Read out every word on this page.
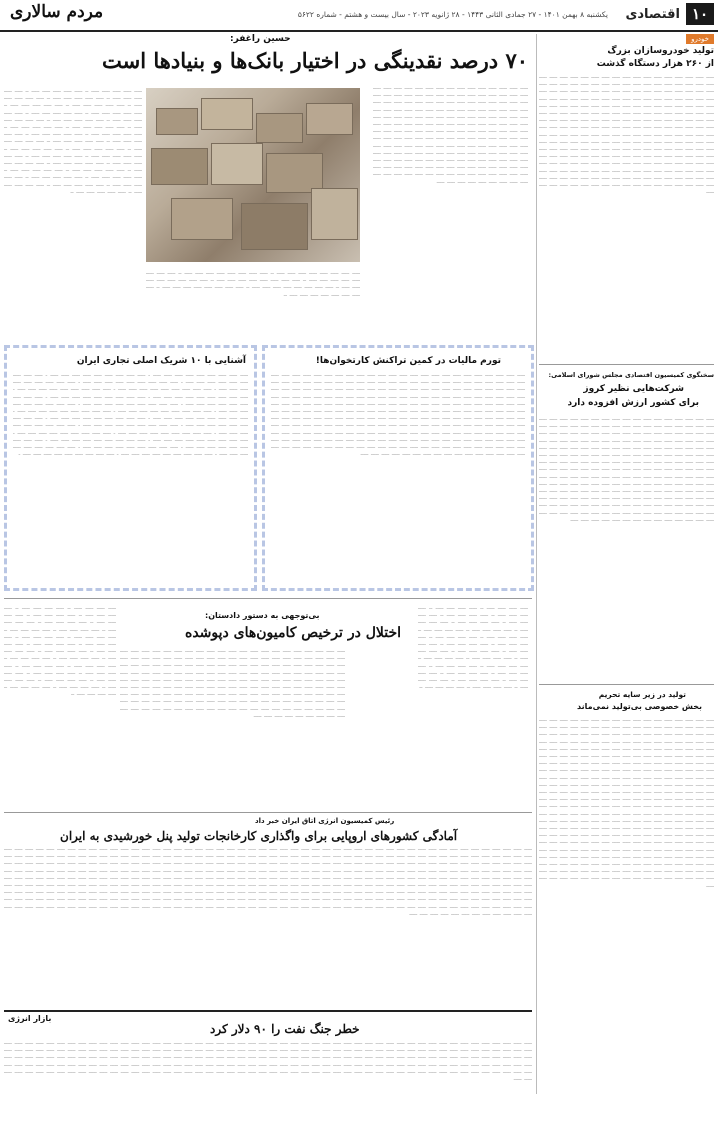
۱۰
اقتصادی
یکشنبه ۸ بهمن ۱۴۰۱ - ۲۷ جمادی الثانی ۱۴۴۳ - ۲۸ ژانویه ۲۰۲۳ - سال بیست و هشتم - شماره ۵۶۲۲
مردم سالاری
خودرو
تولید خودروسازان بزرگ
از ۲۶۰ هزار دستگاه گذشت
ـــــ ـــــ ـــــ ـــــ ـــــ ـــــ ـــــ ـــــ ـــــ ـــــ ـــــ ـــــ ـــــ ـــــ ـــــ ـــــ ـــــ ـــــ ـــــ ـــــ ـــــ ـــــ ـــــ ـــــ ـــــ ـــــ ـــــ ـــــ ـــــ ـــــ ـــــ ـــــ ـــــ ـــــ ـــــ ـــــ ـــــ ـــــ ـــــ ـــــ ـــــ ـــــ ـــــ ـــــ ـــــ ـــــ ـــــ ـــــ ـــــ ـــــ ـــــ ـــــ ـــــ ـــــ ـــــ ـــــ ـــــ ـــــ ـــــ ـــــ ـــــ ـــــ ـــــ ـــــ ـــــ ـــــ ـــــ ـــــ ـــــ ـــــ ـــــ ـــــ ـــــ ـــــ ـــــ ـــــ ـــــ ـــــ ـــــ ـــــ ـــــ ـــــ ـــــ ـــــ ـــــ ـــــ ـــــ ـــــ ـــــ ـــــ ـــــ ـــــ ـــــ ـــــ ـــــ ـــــ ـــــ ـــــ ـــــ ـــــ ـــــ ـــــ ـــــ ـــــ ـــــ ـــــ ـــــ ـــــ ـــــ ـــــ ـــــ ـــــ ـــــ ـــــ ـــــ ـــــ ـــــ ـــــ ـــــ ـــــ ـــــ ـــــ ـــــ ـــــ ـــــ ـــــ ـــــ ـــــ ـــــ ـــــ ـــــ ـــــ ـــــ ـــــ ـــــ ـــــ ـــــ ـــــ ـــــ ـــــ ـــــ ـــــ ـــــ ـــــ ـــــ ـــــ ـــــ ـــــ ـــــ ـــــ ـــــ ـــــ ـــــ ـــــ ـــــ ـــــ ـــــ ـــــ ـــــ ـــــ ـــــ ـــــ ـــــ ـــــ ـــــ ـــــ ـــــ ـــــ ـــــ ـــــ ـــــ ـــــ ـــــ ـــــ ـــــ ـــــ ـــــ ـــــ ـــــ ـــــ ـــــ ـــــ ـــــ ـــــ ـــــ ـــــ ـــــ ـــــ ـــــ ـــــ ـــــ ـــــ ـــــ ـــــ ـــــ ـــــ ـــــ ـــــ ـــــ ـــــ ـــــ ـــــ ـــــ ـــــ ـــــ ـــــ ـــــ ـــــ ـــــ ـــــ ـــــ ـــــ ـــــ ـــــ ـــــ ـــــ ـــــ ـــــ ـــــ ـــــ ـــــ ـــــ ـــــ ـــــ ـــــ ـــــ ـــــ ـــــ ـــــ ـــــ ـــــ ـــــ ـــــ ـــــ ـــــ ـــــ ـــــ ـــــ ـــــ ـــــ ـــــ ـــــ ـــــ ـــــ ـــــ ـــــ ـــــ ـــــ ـــــ ـــــ ـــــ ـــــ ـــــ ـــــ ـــــ ـــــ ـــــ ـــــ ـــــ ـــــ ـــــ ـــــ ـــــ ـــــ ـــــ ـــــ ـــــ ـــــ ـــــ ـــــ ـــــ ـــــ ـــــ
سخنگوی کمیسیون اقتصادی مجلس شورای اسلامی:
شرکت‌هایی نظیر کروز
برای کشور ارزش افزوده دارد
ـــــ ـــــ ـــــ ـــــ ـــــ ـــــ ـــــ ـــــ ـــــ ـــــ ـــــ ـــــ ـــــ ـــــ ـــــ ـــــ ـــــ ـــــ ـــــ ـــــ ـــــ ـــــ ـــــ ـــــ ـــــ ـــــ ـــــ ـــــ ـــــ ـــــ ـــــ ـــــ ـــــ ـــــ ـــــ ـــــ ـــــ ـــــ ـــــ ـــــ ـــــ ـــــ ـــــ ـــــ ـــــ ـــــ ـــــ ـــــ ـــــ ـــــ ـــــ ـــــ ـــــ ـــــ ـــــ ـــــ ـــــ ـــــ ـــــ ـــــ ـــــ ـــــ ـــــ ـــــ ـــــ ـــــ ـــــ ـــــ ـــــ ـــــ ـــــ ـــــ ـــــ ـــــ ـــــ ـــــ ـــــ ـــــ ـــــ ـــــ ـــــ ـــــ ـــــ ـــــ ـــــ ـــــ ـــــ ـــــ ـــــ ـــــ ـــــ ـــــ ـــــ ـــــ ـــــ ـــــ ـــــ ـــــ ـــــ ـــــ ـــــ ـــــ ـــــ ـــــ ـــــ ـــــ ـــــ ـــــ ـــــ ـــــ ـــــ ـــــ ـــــ ـــــ ـــــ ـــــ ـــــ ـــــ ـــــ ـــــ ـــــ ـــــ ـــــ ـــــ ـــــ ـــــ ـــــ ـــــ ـــــ ـــــ ـــــ ـــــ ـــــ ـــــ ـــــ ـــــ ـــــ ـــــ ـــــ ـــــ ـــــ ـــــ ـــــ ـــــ ـــــ ـــــ ـــــ ـــــ ـــــ ـــــ ـــــ ـــــ ـــــ ـــــ ـــــ ـــــ ـــــ ـــــ ـــــ ـــــ ـــــ ـــــ ـــــ ـــــ ـــــ ـــــ ـــــ ـــــ ـــــ ـــــ ـــــ ـــــ ـــــ ـــــ ـــــ ـــــ ـــــ ـــــ ـــــ ـــــ ـــــ ـــــ ـــــ ـــــ ـــــ ـــــ ـــــ ـــــ ـــــ ـــــ ـــــ ـــــ ـــــ ـــــ ـــــ ـــــ ـــــ ـــــ ـــــ ـــــ ـــــ ـــــ ـــــ ـــــ ـــــ ـــــ ـــــ ـــــ ـــــ ـــــ ـــــ ـــــ ـــــ ـــــ ـــــ ـــــ ـــــ ـــــ ـــــ ـــــ ـــــ ـــــ ـــــ ـــــ ـــــ ـــــ ـــــ ـــــ ـــــ ـــــ ـــــ ـــــ ـــــ ـــــ ـــــ ـــــ ـــــ ـــــ ـــــ ـــــ ـــــ ـــــ ـــــ ـــــ ـــــ ـــــ ـــــ ـــــ ـــــ ـــــ ـــــ ـــــ
تولید در زیر سایه تحریم
بخش خصوصی بی‌تولید نمی‌ماند
ـــــ ـــــ ـــــ ـــــ ـــــ ـــــ ـــــ ـــــ ـــــ ـــــ ـــــ ـــــ ـــــ ـــــ ـــــ ـــــ ـــــ ـــــ ـــــ ـــــ ـــــ ـــــ ـــــ ـــــ ـــــ ـــــ ـــــ ـــــ ـــــ ـــــ ـــــ ـــــ ـــــ ـــــ ـــــ ـــــ ـــــ ـــــ ـــــ ـــــ ـــــ ـــــ ـــــ ـــــ ـــــ ـــــ ـــــ ـــــ ـــــ ـــــ ـــــ ـــــ ـــــ ـــــ ـــــ ـــــ ـــــ ـــــ ـــــ ـــــ ـــــ ـــــ ـــــ ـــــ ـــــ ـــــ ـــــ ـــــ ـــــ ـــــ ـــــ ـــــ ـــــ ـــــ ـــــ ـــــ ـــــ ـــــ ـــــ ـــــ ـــــ ـــــ ـــــ ـــــ ـــــ ـــــ ـــــ ـــــ ـــــ ـــــ ـــــ ـــــ ـــــ ـــــ ـــــ ـــــ ـــــ ـــــ ـــــ ـــــ ـــــ ـــــ ـــــ ـــــ ـــــ ـــــ ـــــ ـــــ ـــــ ـــــ ـــــ ـــــ ـــــ ـــــ ـــــ ـــــ ـــــ ـــــ ـــــ ـــــ ـــــ ـــــ ـــــ ـــــ ـــــ ـــــ ـــــ ـــــ ـــــ ـــــ ـــــ ـــــ ـــــ ـــــ ـــــ ـــــ ـــــ ـــــ ـــــ ـــــ ـــــ ـــــ ـــــ ـــــ ـــــ ـــــ ـــــ ـــــ ـــــ ـــــ ـــــ ـــــ ـــــ ـــــ ـــــ ـــــ ـــــ ـــــ ـــــ ـــــ ـــــ ـــــ ـــــ ـــــ ـــــ ـــــ ـــــ ـــــ ـــــ ـــــ ـــــ ـــــ ـــــ ـــــ ـــــ ـــــ ـــــ ـــــ ـــــ ـــــ ـــــ ـــــ ـــــ ـــــ ـــــ ـــــ ـــــ ـــــ ـــــ ـــــ ـــــ ـــــ ـــــ ـــــ ـــــ ـــــ ـــــ ـــــ ـــــ ـــــ ـــــ ـــــ ـــــ ـــــ ـــــ ـــــ ـــــ ـــــ ـــــ ـــــ ـــــ ـــــ ـــــ ـــــ ـــــ ـــــ ـــــ ـــــ ـــــ ـــــ ـــــ ـــــ ـــــ ـــــ ـــــ ـــــ ـــــ ـــــ ـــــ ـــــ ـــــ ـــــ ـــــ ـــــ ـــــ ـــــ ـــــ ـــــ ـــــ ـــــ ـــــ ـــــ ـــــ ـــــ ـــــ ـــــ ـــــ ـــــ ـــــ ـــــ ـــــ ـــــ ـــــ ـــــ ـــــ ـــــ ـــــ ـــــ ـــــ ـــــ ـــــ ـــــ ـــــ ـــــ ـــــ ـــــ ـــــ ـــــ ـــــ ـــــ ـــــ ـــــ ـــــ ـــــ ـــــ ـــــ ـــــ ـــــ ـــــ ـــــ ـــــ ـــــ ـــــ ـــــ ـــــ ـــــ ـــــ ـــــ ـــــ ـــــ ـــــ ـــــ ـــــ ـــــ ـــــ ـــــ ـــــ ـــــ ـــــ ـــــ ـــــ ـــــ ـــــ ـــــ ـــــ ـــــ ـــــ ـــــ ـــــ ـــــ ـــــ ـــــ ـــــ ـــــ ـــــ ـــــ ـــــ ـــــ ـــــ ـــــ ـــــ ـــــ ـــــ ـــــ ـــــ ـــــ ـــــ ـــــ ـــــ ـــــ ـــــ ـــــ ـــــ ـــــ ـــــ ـــــ ـــــ ـــــ ـــــ ـــــ ـــــ ـــــ ـــــ ـــــ ـــــ ـــــ ـــــ ـــــ ـــــ ـــــ ـــــ ـــــ ـــــ ـــــ ـــــ ـــــ ـــــ ـــــ ـــــ ـــــ ـــــ ـــــ ـــــ ـــــ ـــــ ـــــ ـــــ ـــــ ـــــ ـــــ ـــــ ـــــ ـــــ ـــــ ـــــ ـــــ ـــــ ـــــ ـــــ ـــــ ـــــ ـــــ ـــــ ـــــ ـــــ ـــــ ـــــ ـــــ ـــــ ـــــ ـــــ ـــــ
حسین راغفر:
۷۰ درصد نقدینگی در اختیار بانک‌ها و بنیادها است
ـــــ ـــــ ـــــ ـــــ ـــــ ـــــ ـــــ ـــــ ـــــ ـــــ ـــــ ـــــ ـــــ ـــــ ـــــ ـــــ ـــــ ـــــ ـــــ ـــــ ـــــ ـــــ ـــــ ـــــ ـــــ ـــــ ـــــ ـــــ ـــــ ـــــ ـــــ ـــــ ـــــ ـــــ ـــــ ـــــ ـــــ ـــــ ـــــ ـــــ ـــــ ـــــ ـــــ ـــــ ـــــ ـــــ ـــــ ـــــ ـــــ ـــــ ـــــ ـــــ ـــــ ـــــ ـــــ ـــــ ـــــ ـــــ ـــــ ـــــ ـــــ ـــــ ـــــ ـــــ ـــــ ـــــ ـــــ ـــــ ـــــ ـــــ ـــــ ـــــ ـــــ ـــــ ـــــ ـــــ ـــــ ـــــ ـــــ ـــــ ـــــ ـــــ ـــــ ـــــ ـــــ ـــــ ـــــ ـــــ ـــــ ـــــ ـــــ ـــــ ـــــ ـــــ ـــــ ـــــ ـــــ ـــــ ـــــ ـــــ ـــــ ـــــ ـــــ ـــــ ـــــ ـــــ ـــــ ـــــ ـــــ ـــــ ـــــ ـــــ ـــــ ـــــ ـــــ ـــــ ـــــ ـــــ ـــــ ـــــ ـــــ ـــــ ـــــ ـــــ ـــــ ـــــ ـــــ ـــــ ـــــ ـــــ ـــــ ـــــ ـــــ ـــــ ـــــ ـــــ ـــــ ـــــ ـــــ ـــــ ـــــ ـــــ ـــــ ـــــ ـــــ ـــــ ـــــ ـــــ ـــــ ـــــ ـــــ ـــــ ـــــ ـــــ ـــــ ـــــ ـــــ ـــــ ـــــ ـــــ ـــــ ـــــ ـــــ ـــــ ـــــ ـــــ ـــــ ـــــ ـــــ ـــــ ـــــ ـــــ ـــــ ـــــ ـــــ ـــــ ـــــ ـــــ ـــــ ـــــ ـــــ ـــــ ـــــ ـــــ ـــــ ـــــ ـــــ ـــــ ـــــ ـــــ ـــــ ـــــ ـــــ ـــــ ـــــ ـــــ ـــــ ـــــ ـــــ ـــــ ـــــ ـــــ ـــــ ـــــ
ـــــ ـــــ ـــــ ـــــ ـــــ ــ ـــــ ـــــ ـــــ ـــــ ـــــ ــ ـــــ ـــــ ـــــ ـــــ ـــــ ــ ـــــ ـــــ ـــــ ـــــ ـــــ ــ ـــــ ـــــ ـــــ ـــــ ـــــ ــ ـــــ ـــــ ـــــ ـــــ ـــــ ــ ـــــ ـــــ ـــــ ـــــ ـــــ ــ ـــــ ـــــ ـــــ ـــــ ـــــ ــ ـــــ ـــــ ـــــ ـــــ ـــــ ــ ـــــ ـــــ ـــــ ـــــ ـــــ ــ ـــــ ـــــ ـــــ ـــــ ـــــ ــ ـــــ ـــــ ـــــ ـــــ ـــــ ــ ـــــ ـــــ ـــــ ـــــ ـــــ ــ ـــــ ـــــ ـــــ ـــــ ـــــ ــ ـــــ ـــــ ـــــ ـــــ ـــــ ــ ـــــ ـــــ ـــــ ـــــ ـــــ ــ ـــــ ـــــ ـــــ ـــــ ـــــ ــ ـــــ ـــــ ـــــ ـــــ ـــــ ــ ـــــ ـــــ ـــــ ـــــ ـــــ ــ ـــــ ـــــ ـــــ ـــــ ـــــ ــ ـــــ ـــــ ـــــ ـــــ ـــــ ــ ـــــ ـــــ ـــــ ـــــ ـــــ ــ ـــــ ـــــ ـــــ ـــــ ـــــ ــ ـــــ ـــــ ـــــ ـــــ ـــــ ــ ـــــ ـــــ ـــــ ـــــ ـــــ ــ ـــــ ـــــ ـــــ ـــــ ـــــ ــ ـــــ ـــــ ـــــ ـــــ ـــــ ــ ـــــ ـــــ ـــــ ـــــ ـــــ ــ ـــــ ـــــ ـــــ ـــــ ـــــ ــ ـــــ ـــــ ـــــ ـــــ ـــــ ــ ـــــ ـــــ ـــــ ـــــ ـــــ ــ ـــــ ـــــ ـــــ ـــــ ـــــ ــ ـــــ ـــــ ـــــ ـــــ ـــــ ــ ـــــ ـــــ ـــــ ـــــ ـــــ ــ
ـــــ ـــــ ـــــ ـــــ ـــــ ـــــ ـــــ ـــــ ــ ـــــ ـــــ ـــــ ـــــ ـــــ ـــــ ـــــ ـــــ ــ ـــــ ـــــ ـــــ ـــــ ـــــ ـــــ ـــــ ـــــ ــ ـــــ ـــــ ـــــ ـــــ ـــــ ـــــ ـــــ ـــــ ــ ـــــ ـــــ ـــــ ـــــ ـــــ ـــــ ـــــ ـــــ ــ ـــــ ـــــ ـــــ ـــــ ـــــ ـــــ ـــــ ـــــ ــ ـــــ ـــــ ـــــ ـــــ ـــــ ـــــ ـــــ ـــــ ــ ـــــ ـــــ ـــــ ـــــ ـــــ ـــــ ـــــ ـــــ ــ
آشنایی با ۱۰ شریک اصلی تجاری ایران
ـــــ ـــــ ـــــ ـــــ ـــــ ـــــ ـــــ ـــــ ـــــ ـ ـــــ ـــــ ـــــ ـــــ ـــــ ـــــ ـــــ ـــــ ـــــ ـ ـــــ ـــــ ـــــ ـــــ ـــــ ـــــ ـــــ ـــــ ـــــ ـ ـــــ ـــــ ـــــ ـــــ ـــــ ـــــ ـــــ ـــــ ـــــ ـ ـــــ ـــــ ـــــ ـــــ ـــــ ـــــ ـــــ ـــــ ـــــ ـ ـــــ ـــــ ـــــ ـــــ ـــــ ـــــ ـــــ ـــــ ـــــ ـ ـــــ ـــــ ـــــ ـــــ ـــــ ـــــ ـــــ ـــــ ـــــ ـ ـــــ ـــــ ـــــ ـــــ ـــــ ـــــ ـــــ ـــــ ـــــ ـ ـــــ ـــــ ـــــ ـــــ ـــــ ـــــ ـــــ ـــــ ـــــ ـ ـــــ ـــــ ـــــ ـــــ ـــــ ـــــ ـــــ ـــــ ـــــ ـ ـــــ ـــــ ـــــ ـــــ ـــــ ـــــ ـــــ ـــــ ـــــ ـ ـــــ ـــــ ـــــ ـــــ ـــــ ـــــ ـــــ ـــــ ـــــ ـ ـــــ ـــــ ـــــ ـــــ ـــــ ـــــ ـــــ ـــــ ـــــ ـ ـــــ ـــــ ـــــ ـــــ ـــــ ـــــ ـــــ ـــــ ـــــ ـ ـــــ ـــــ ـــــ ـــــ ـــــ ـــــ ـــــ ـــــ ـــــ ـ ـــــ ـــــ ـــــ ـــــ ـــــ ـــــ ـــــ ـــــ ـــــ ـ ـــــ ـــــ ـــــ ـــــ ـــــ ـــــ ـــــ ـــــ ـــــ ـ ـــــ ـــــ ـــــ ـــــ ـــــ ـــــ ـــــ ـــــ ـــــ ـ ـــــ ـــــ ـــــ ـــــ ـــــ ـــــ ـــــ ـــــ ـــــ ـ ـــــ ـــــ ـــــ ـــــ ـــــ ـــــ ـــــ ـــــ ـــــ ـ ـــــ ـــــ ـــــ ـــــ ـــــ ـــــ ـــــ ـــــ ـــــ ـ ـــــ ـــــ ـــــ ـــــ ـــــ ـــــ ـــــ ـــــ ـــــ ـ ـــــ ـــــ ـــــ ـــــ ـــــ ـــــ ـــــ ـــــ ـــــ ـ ـــــ ـــــ ـــــ ـــــ ـــــ ـــــ ـــــ ـــــ ـــــ ـ ـــــ ـــــ ـــــ ـــــ ـــــ ـــــ ـــــ ـــــ ـــــ ـ ـــــ ـــــ ـــــ ـــــ ـــــ ـــــ ـــــ ـــــ ـــــ ـ ـــــ ـــــ ـــــ ـــــ ـــــ ـــــ ـــــ ـــــ ـــــ ـ ـــــ ـــــ ـــــ ـــــ ـــــ ـــــ ـــــ ـــــ ـــــ ـ
تورم مالیات در کمین تراکنش کارتخوان‌ها!
ـــــ ـــــ ـــــ ـــــ ـــــ ـــــ ـــــ ـــــ ـــــ ـــــ ـــــ ـــــ ـــــ ـــــ ـــــ ـــــ ـــــ ـــــ ـــــ ـــــ ـــــ ـــــ ـــــ ـــــ ـــــ ـــــ ـــــ ـــــ ـــــ ـــــ ـــــ ـــــ ـــــ ـــــ ـــــ ـــــ ـــــ ـــــ ـــــ ـــــ ـــــ ـــــ ـــــ ـــــ ـــــ ـــــ ـــــ ـــــ ـــــ ـــــ ـــــ ـــــ ـــــ ـــــ ـــــ ـــــ ـــــ ـــــ ـــــ ـــــ ـــــ ـــــ ـــــ ـــــ ـــــ ـــــ ـــــ ـــــ ـــــ ـــــ ـــــ ـــــ ـــــ ـــــ ـــــ ـــــ ـــــ ـــــ ـــــ ـــــ ـــــ ـــــ ـــــ ـــــ ـــــ ـــــ ـــــ ـــــ ـــــ ـــــ ـــــ ـــــ ـــــ ـــــ ـــــ ـــــ ـــــ ـــــ ـــــ ـــــ ـــــ ـــــ ـــــ ـــــ ـــــ ـــــ ـــــ ـــــ ـــــ ـــــ ـــــ ـــــ ـــــ ـــــ ـــــ ـــــ ـــــ ـــــ ـــــ ـــــ ـــــ ـــــ ـــــ ـــــ ـــــ ـــــ ـــــ ـــــ ـــــ ـــــ ـــــ ـــــ ـــــ ـــــ ـــــ ـــــ ـــــ ـــــ ـــــ ـــــ ـــــ ـــــ ـــــ ـــــ ـــــ ـــــ ـــــ ـــــ ـــــ ـــــ ـــــ ـــــ ـــــ ـــــ ـــــ ـــــ ـــــ ـــــ ـــــ ـــــ ـــــ ـــــ ـــــ ـــــ ـــــ ـــــ ـــــ ـــــ ـــــ ـــــ ـــــ ـــــ ـــــ ـــــ ـــــ ـــــ ـــــ ـــــ ـــــ ـــــ ـــــ ـــــ ـــــ ـــــ ـــــ ـــــ ـــــ ـــــ ـــــ ـــــ ـــــ ـــــ ـــــ ـــــ ـــــ ـــــ ـــــ ـــــ ـــــ ـــــ ـــــ ـــــ ـــــ ـــــ ـــــ ـــــ ـــــ ـــــ ـــــ ـــــ ـــــ ـــــ ـــــ ـــــ ـــــ ـــــ ـــــ ـــــ ـــــ ـــــ ـــــ ـــــ ـــــ ـــــ ـــــ ـــــ ـــــ ـــــ ـــــ ـــــ ـــــ ـــــ ـــــ ـــــ ـــــ ـــــ ـــــ ـــــ ـــــ ـــــ ـــــ ـــــ ـــــ ـــــ ـــــ ـــــ ـــــ ـــــ ـــــ ـــــ ـــــ ـــــ ـــــ ـــــ ـــــ ـــــ ـــــ ـــــ ـــــ ـــــ ـــــ ـــــ ـــــ ـــــ ـــــ ـــــ ـــــ ـــــ ـــــ ـــــ ـــــ ـــــ ـــــ ـــــ ـــــ ـــــ ـــــ ـــــ ـــــ ـــــ
ـــــ ـــــ ـــــ ـــــ ــ ـــــ ـــــ ـــــ ـــــ ــ ـــــ ـــــ ـــــ ـــــ ــ ـــــ ـــــ ـــــ ـــــ ــ ـــــ ـــــ ـــــ ـــــ ــ ـــــ ـــــ ـــــ ـــــ ــ ـــــ ـــــ ـــــ ـــــ ــ ـــــ ـــــ ـــــ ـــــ ــ ـــــ ـــــ ـــــ ـــــ ــ ـــــ ـــــ ـــــ ـــــ ــ ـــــ ـــــ ـــــ ـــــ ــ ـــــ ـــــ ـــــ ـــــ ــ ـــــ ـــــ ـــــ ـــــ ــ ـــــ ـــــ ـــــ ـــــ ــ ـــــ ـــــ ـــــ ـــــ ــ ـــــ ـــــ ـــــ ـــــ ــ ـــــ ـــــ ـــــ ـــــ ــ ـــــ ـــــ ـــــ ـــــ ــ ـــــ ـــــ ـــــ ـــــ ــ ـــــ ـــــ ـــــ ـــــ ــ ـــــ ـــــ ـــــ ـــــ ــ ـــــ ـــــ ـــــ ـــــ ــ ـــــ ـــــ ـــــ ـــــ ــ ـــــ ـــــ ـــــ ـــــ ــ ـــــ ـــــ ـــــ ـــــ ــ ـــــ ـــــ ـــــ ـــــ ــ ـــــ ـــــ ـــــ ـــــ ــ
بی‌توجهی به دستور دادستان:
اختلال در ترخیص کامیون‌های دپوشده
ـــــ ـــــ ـــــ ـــــ ـــــ ـــــ ـــــ ـــــ ـــــ ـــــ ـــــ ـــــ ـــــ ـــــ ـــــ ـــــ ـــــ ـــــ ـــــ ـــــ ـــــ ـــــ ـــــ ـــــ ـــــ ـــــ ـــــ ـــــ ـــــ ـــــ ـــــ ـــــ ـــــ ـــــ ـــــ ـــــ ـــــ ـــــ ـــــ ـــــ ـــــ ـــــ ـــــ ـــــ ـــــ ـــــ ـــــ ـــــ ـــــ ـــــ ـــــ ـــــ ـــــ ـــــ ـــــ ـــــ ـــــ ـــــ ـــــ ـــــ ـــــ ـــــ ـــــ ـــــ ـــــ ـــــ ـــــ ـــــ ـــــ ـــــ ـــــ ـــــ ـــــ ـــــ ـــــ ـــــ ـــــ ـــــ ـــــ ـــــ ـــــ ـــــ ـــــ ـــــ ـــــ ـــــ ـــــ ـــــ ـــــ ـــــ ـــــ ـــــ ـــــ ـــــ ـــــ ـــــ ـــــ ـــــ ـــــ ـــــ ـــــ ـــــ ـــــ ـــــ ـــــ ـــــ ـــــ ـــــ ـــــ ـــــ ـــــ ـــــ ـــــ ـــــ ـــــ ـــــ ـــــ ـــــ ـــــ ـــــ ـــــ ـــــ ـــــ ـــــ ـــــ ـــــ ـــــ ـــــ ـــــ ـــــ ـــــ ـــــ ـــــ ـــــ ـــــ ـــــ ـــــ ـــــ ـــــ ـــــ ـــــ ـــــ ـــــ ـــــ ـــــ ـــــ ـــــ ـــــ ـــــ ـــــ ـــــ ـــــ ـــــ ـــــ ـــــ ـــــ ـــــ ـــــ ـــــ ـــــ ـــــ ـــــ ـــــ ـــــ ـــــ ـــــ ـــــ ـــــ ـــــ ـــــ ـــــ ـــــ ـــــ ـــــ ـــــ ـــــ ـــــ ـــــ ـــــ ـــــ ـــــ ـــــ ـــــ ـــــ ـــــ ـــــ ـــــ ـــــ ـــــ ـــــ ـــــ ـــــ ـــــ ـــــ ـــــ ـــــ ـــــ ـــــ
ـــــ ـــــ ـــــ ـــــ ــ ـــــ ـــــ ـــــ ـــــ ــ ـــــ ـــــ ـــــ ـــــ ــ ـــــ ـــــ ـــــ ـــــ ــ ـــــ ـــــ ـــــ ـــــ ــ ـــــ ـــــ ـــــ ـــــ ــ ـــــ ـــــ ـــــ ـــــ ــ ـــــ ـــــ ـــــ ـــــ ــ ـــــ ـــــ ـــــ ـــــ ــ ـــــ ـــــ ـــــ ـــــ ــ ـــــ ـــــ ـــــ ـــــ ــ ـــــ ـــــ ـــــ ـــــ ــ ـــــ ـــــ ـــــ ـــــ ــ ـــــ ـــــ ـــــ ـــــ ــ ـــــ ـــــ ـــــ ـــــ ــ ـــــ ـــــ ـــــ ـــــ ــ ـــــ ـــــ ـــــ ـــــ ــ ـــــ ـــــ ـــــ ـــــ ــ ـــــ ـــــ ـــــ ـــــ ــ ـــــ ـــــ ـــــ ـــــ ــ ـــــ ـــــ ـــــ ـــــ ــ ـــــ ـــــ ـــــ ـــــ ــ ـــــ ـــــ ـــــ ـــــ ــ ـــــ ـــــ ـــــ ـــــ ــ ـــــ ـــــ ـــــ ـــــ ــ ـــــ ـــــ ـــــ ـــــ ــ ـــــ ـــــ ـــــ ـــــ ــ ـــــ ـــــ ـــــ ـــــ ــ
رئیس کمیسیون انرژی اتاق ایران خبر داد
آمادگی کشورهای اروپایی برای واگذاری کارخانجات تولید پنل خورشیدی به ایران
ـــــ ـــــ ـــــ ـــــ ـــــ ـــــ ـــــ ـــــ ـــــ ـــــ ـــــ ـــــ ـــــ ـــــ ـــــ ـــــ ـــــ ـــــ ـــــ ـــــ ـــــ ـــــ ـــــ ـــــ ـــــ ـــــ ـــــ ـــــ ـــــ ـــــ ـــــ ـــــ ـــــ ـــــ ـــــ ـــــ ـــــ ـــــ ـــــ ـــــ ـــــ ـــــ ـــــ ـــــ ـــــ ـــــ ـــــ ـــــ ـــــ ـــــ ـــــ ـــــ ـــــ ـــــ ـــــ ـــــ ـــــ ـــــ ـــــ ـــــ ـــــ ـــــ ـــــ ـــــ ـــــ ـــــ ـــــ ـــــ ـــــ ـــــ ـــــ ـــــ ـــــ ـــــ ـــــ ـــــ ـــــ ـــــ ـــــ ـــــ ـــــ ـــــ ـــــ ـــــ ـــــ ـــــ ـــــ ـــــ ـــــ ـــــ ـــــ ـــــ ـــــ ـــــ ـــــ ـــــ ـــــ ـــــ ـــــ ـــــ ـــــ ـــــ ـــــ ـــــ ـــــ ـــــ ـــــ ـــــ ـــــ ـــــ ـــــ ـــــ ـــــ ـــــ ـــــ ـــــ ـــــ ـــــ ـــــ ـــــ ـــــ ـــــ ـــــ ـــــ ـــــ ـــــ ـــــ ـــــ ـــــ ـــــ ـــــ ـــــ ـــــ ـــــ ـــــ ـــــ ـــــ ـــــ ـــــ ـــــ ـــــ ـــــ ـــــ ـــــ ـــــ ـــــ ـــــ ـــــ ـــــ ـــــ ـــــ ـــــ ـــــ ـــــ ـــــ ـــــ ـــــ ـــــ ـــــ ـــــ ـــــ ـــــ ـــــ ـــــ ـــــ ـــــ ـــــ ـــــ ـــــ ـــــ ـــــ ـــــ ـــــ ـــــ ـــــ ـــــ ـــــ ـــــ ـــــ ـــــ ـــــ ـــــ ـــــ ـــــ ـــــ ـــــ ـــــ ـــــ ـــــ ـــــ ـــــ ـــــ ـــــ ـــــ ـــــ ـــــ ـــــ ـــــ ـــــ ـــــ ـــــ ـــــ ـــــ ـــــ ـــــ ـــــ ـــــ ـــــ ـــــ ـــــ ـــــ ـــــ ـــــ ـــــ ـــــ ـــــ ـــــ ـــــ ـــــ ـــــ ـــــ ـــــ ـــــ ـــــ ـــــ ـــــ ـــــ ـــــ ـــــ ـــــ ـــــ ـــــ ـــــ ـــــ ـــــ ـــــ ـــــ ـــــ ـــــ ـــــ ـــــ ـــــ ـــــ ـــــ ـــــ ـــــ ـــــ ـــــ ـــــ ـــــ ـــــ ـــــ ـــــ ـــــ ـــــ ـــــ ـــــ ـــــ ـــــ ـــــ ـــــ ـــــ ـــــ ـــــ ـــــ ـــــ ـــــ ـــــ ـــــ ـــــ ـــــ ـــــ ـــــ ـــــ ـــــ ـــــ ـــــ ـــــ ـــــ ـــــ ـــــ ـــــ ـــــ ـــــ ـــــ ـــــ ـــــ ـــــ ـــــ ـــــ ـــــ ـــــ ـــــ ـــــ ـــــ ـــــ ـــــ ـــــ ـــــ ـــــ ـــــ ـــــ ـــــ ـــــ ـــــ ـــــ ـــــ ـــــ ـــــ ـــــ ـــــ ـــــ ـــــ ـــــ ـــــ ـــــ ـــــ ـــــ ـــــ ـــــ ـــــ ـــــ ـــــ ـــــ ـــــ ـــــ ـــــ ـــــ ـــــ ـــــ ـــــ ـــــ ـــــ ـــــ ـــــ ـــــ ـــــ ـــــ ـــــ ـــــ ـــــ ـــــ ـــــ ـــــ ـــــ ـــــ ـــــ ـــــ ـــــ ـــــ ـــــ ـــــ ـــــ ـــــ ـــــ ـــــ ـــــ ـــــ ـــــ ـــــ ـــــ ـــــ ـــــ ـــــ ـــــ ـــــ ـــــ ـــــ ـــــ ـــــ ـــــ ـــــ ـــــ ـــــ ـــــ ـــــ ـــــ ـــــ ـــــ ـــــ ـــــ ـــــ ـــــ ـــــ ـــــ ـــــ ـــــ ـــــ ـــــ ـــــ ـــــ ـــــ ـــــ ـــــ ـــــ ـــــ ـــــ ـــــ ـــــ ـــــ ـــــ ـــــ ـــــ ـــــ ـــــ ـــــ ـــــ ـــــ ـــــ ـــــ ـــــ ـــــ ـــــ ـــــ ـــــ ـــــ ـــــ ـــــ ـــــ ـــــ ـــــ ـــــ ـــــ ـــــ ـــــ ـــــ ـــــ ـــــ ـــــ ـــــ ـــــ ـــــ ـــــ ـــــ ـــــ ـــــ ـــــ ـــــ ـــــ ـــــ ـــــ ـــــ ـــــ ـــــ ـــــ ـــــ ـــــ ـــــ ـــــ ـــــ ـــــ ـــــ ـــــ ـــــ ـــــ ـــــ ـــــ ـــــ ـــــ ـــــ ـــــ ـــــ
بازار انرژی
خطر جنگ نفت را ۹۰ دلار کرد
ـــــ ـــــ ـــــ ـــــ ـــــ ـــــ ـــــ ـــــ ـــــ ـــــ ـــــ ـــــ ـــــ ـــــ ـــــ ـــــ ـــــ ـــــ ـــــ ـــــ ـــــ ـــــ ـــــ ـــــ ـــــ ـــــ ـــــ ـــــ ـــــ ـــــ ـــــ ـــــ ـــــ ـــــ ـــــ ـــــ ـــــ ـــــ ـــــ ـــــ ـــــ ـــــ ـــــ ـــــ ـــــ ـــــ ـــــ ـــــ ـــــ ـــــ ـــــ ـــــ ـــــ ـــــ ـــــ ـــــ ـــــ ـــــ ـــــ ـــــ ـــــ ـــــ ـــــ ـــــ ـــــ ـــــ ـــــ ـــــ ـــــ ـــــ ـــــ ـــــ ـــــ ـــــ ـــــ ـــــ ـــــ ـــــ ـــــ ـــــ ـــــ ـــــ ـــــ ـــــ ـــــ ـــــ ـــــ ـــــ ـــــ ـــــ ـــــ ـــــ ـــــ ـــــ ـــــ ـــــ ـــــ ـــــ ـــــ ـــــ ـــــ ـــــ ـــــ ـــــ ـــــ ـــــ ـــــ ـــــ ـــــ ـــــ ـــــ ـــــ ـــــ ـــــ ـــــ ـــــ ـــــ ـــــ ـــــ ـــــ ـــــ ـــــ ـــــ ـــــ ـــــ ـــــ ـــــ ـــــ ـــــ ـــــ ـــــ ـــــ ـــــ ـــــ ـــــ ـــــ ـــــ ـــــ ـــــ ـــــ ـــــ ـــــ ـــــ ـــــ ـــــ ـــــ ـــــ ـــــ ـــــ ـــــ ـــــ ـــــ ـــــ ـــــ ـــــ ـــــ ـــــ ـــــ ـــــ ـــــ ـــــ ـــــ ـــــ ـــــ ـــــ ـــــ ـــــ ـــــ ـــــ ـــــ ـــــ ـــــ ـــــ ـــــ ـــــ ـــــ ـــــ ـــــ ـــــ ـــــ ـــــ ـــــ ـــــ ـــــ ـــــ ـــــ ـــــ ـــــ ـــــ ـــــ ـــــ ـــــ ـــــ ـــــ ـــــ ـــــ ـــــ ـــــ ـــــ ـــــ ـــــ ـــــ ـــــ ـــــ ـــــ ـــــ ـــــ ـــــ ـــــ ـــــ ـــــ ـــــ ـــــ ـــــ ـــــ ـــــ ـــــ ـــــ ـــــ ـــــ ـــــ ـــــ ـــــ ـــــ ـــــ ـــــ ـــــ ـــــ ـــــ ـــــ ـــــ ـــــ ـــــ ـــــ ـــــ ـــــ ـــــ ـــــ ـــــ ـــــ ـــــ ـــــ ـــــ ـــــ ـــــ ـــــ ـــــ ـــــ ـــــ ـــــ ـــــ ـــــ
